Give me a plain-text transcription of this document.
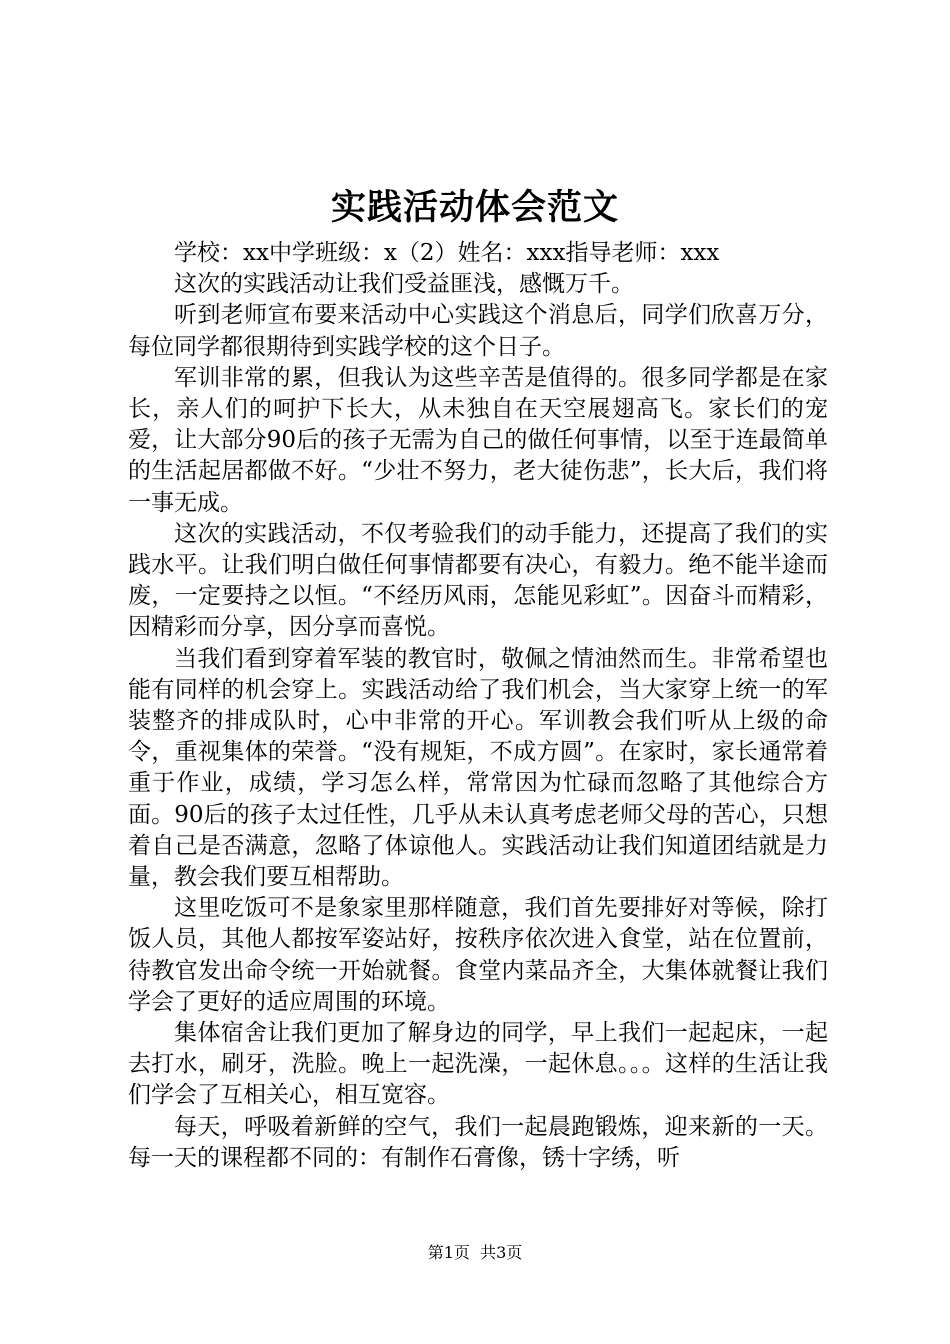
实践活动体会范文

学校：xx中学班级：x（2）姓名：xxx指导老师：xxx

这次的实践活动让我们受益匪浅，感慨万千。

听到老师宣布要来活动中心实践这个消息后，同学们欣喜万分，每位同学都很期待到实践学校的这个日子。

军训非常的累，但我认为这些辛苦是值得的。很多同学都是在家长，亲人们的呵护下长大，从未独自在天空展翅高飞。家长们的宠爱，让大部分90后的孩子无需为自己的做任何事情，以至于连最简单的生活起居都做不好。“少壮不努力，老大徒伤悲”，长大后，我们将一事无成。

这次的实践活动，不仅考验我们的动手能力，还提高了我们的实践水平。让我们明白做任何事情都要有决心，有毅力。绝不能半途而废，一定要持之以恒。“不经历风雨，怎能见彩虹”。因奋斗而精彩，因精彩而分享，因分享而喜悦。

当我们看到穿着军装的教官时，敬佩之情油然而生。非常希望也能有同样的机会穿上。实践活动给了我们机会，当大家穿上统一的军装整齐的排成队时，心中非常的开心。军训教会我们听从上级的命令，重视集体的荣誉。“没有规矩，不成方圆”。在家时，家长通常着重于作业，成绩，学习怎么样，常常因为忙碌而忽略了其他综合方面。90后的孩子太过任性，几乎从未认真考虑老师父母的苦心，只想着自己是否满意，忽略了体谅他人。实践活动让我们知道团结就是力量，教会我们要互相帮助。

这里吃饭可不是象家里那样随意，我们首先要排好对等候，除打饭人员，其他人都按军姿站好，按秩序依次进入食堂，站在位置前，待教官发出命令统一开始就餐。食堂内菜品齐全，大集体就餐让我们学会了更好的适应周围的环境。

集体宿舍让我们更加了解身边的同学，早上我们一起起床，一起去打水，刷牙，洗脸。晚上一起洗澡，一起休息。。。这样的生活让我们学会了互相关心，相互宽容。

每天，呼吸着新鲜的空气，我们一起晨跑锻炼，迎来新的一天。每一天的课程都不同的：有制作石膏像，锈十字绣，听

第1页  共3页
